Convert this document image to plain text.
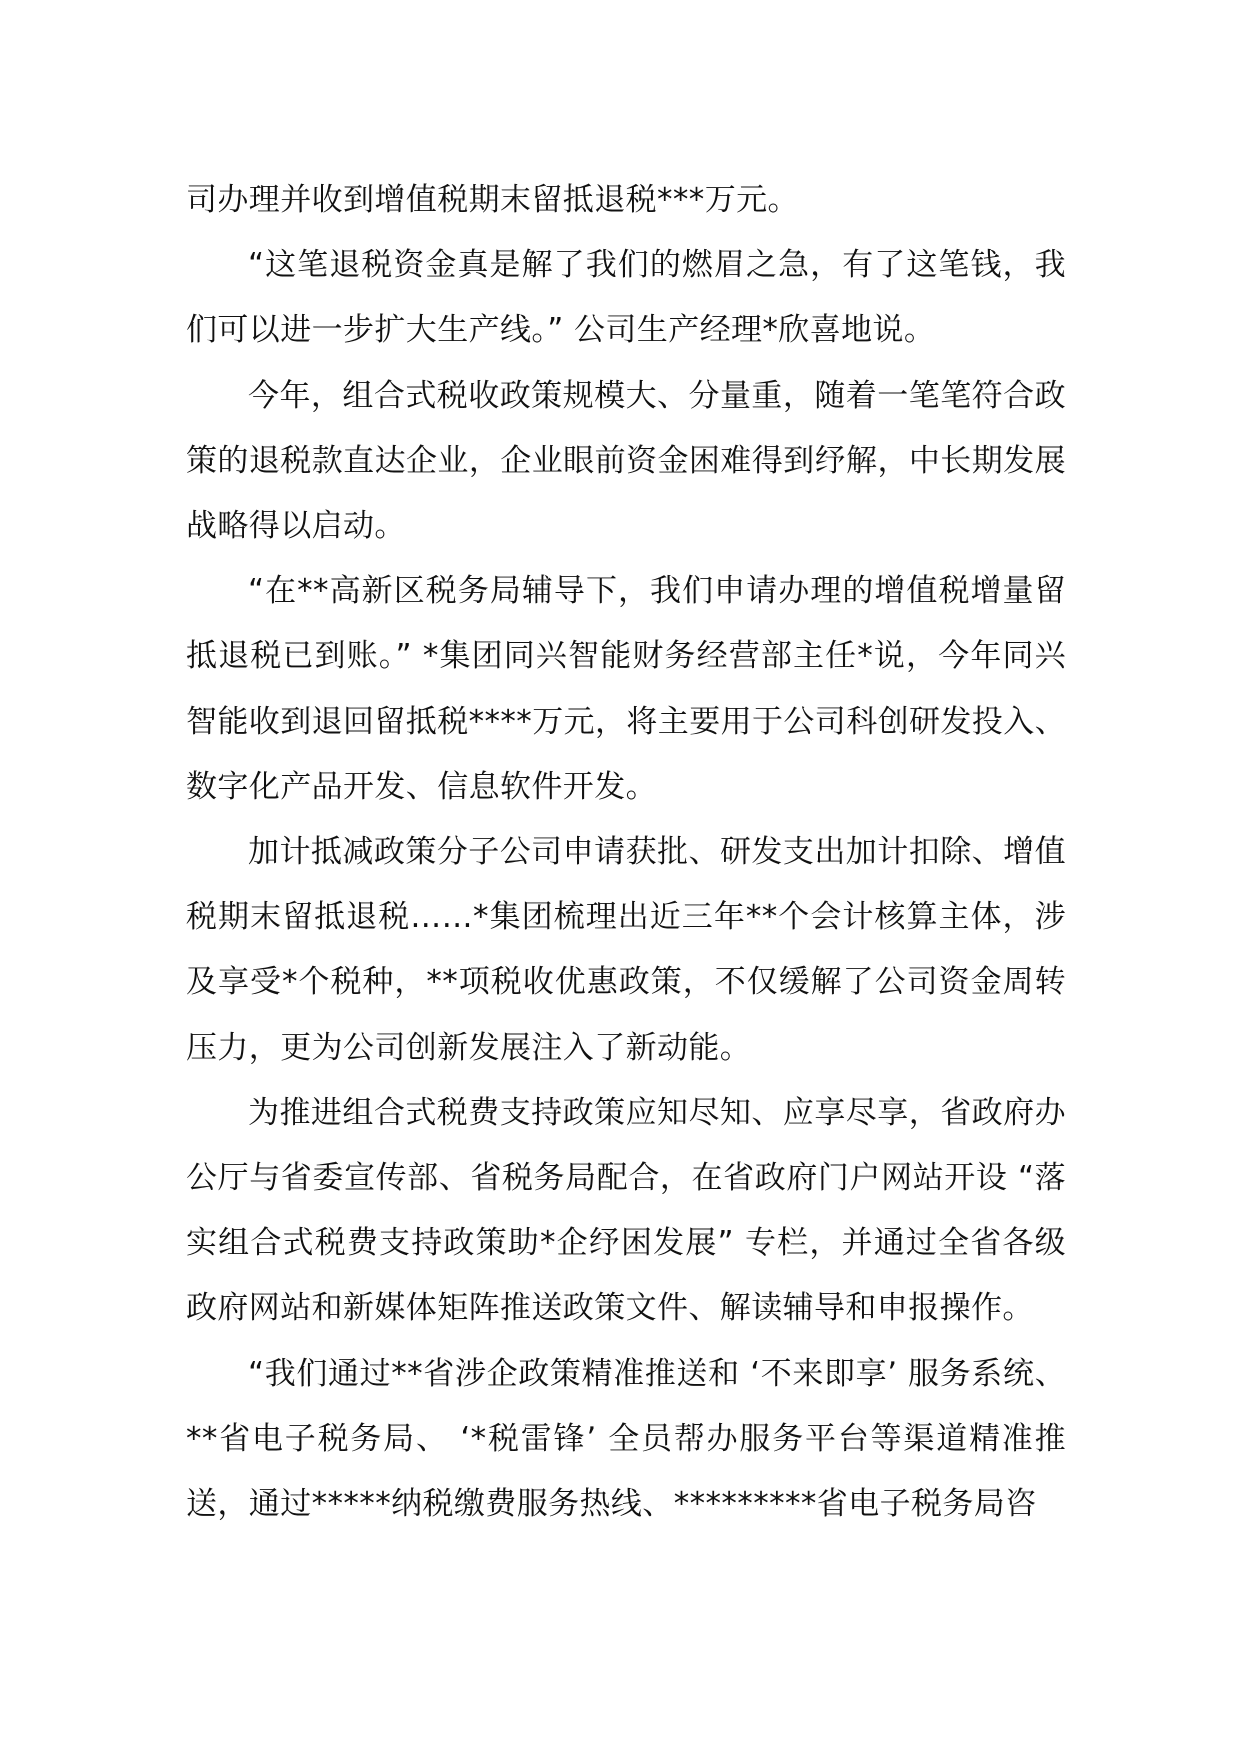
司办理并收到增值税期末留抵退税***万元。

“这笔退税资金真是解了我们的燃眉之急，有了这笔钱，我们可以进一步扩大生产线。” 公司生产经理*欣喜地说。

今年，组合式税收政策规模大、分量重，随着一笔笔符合政策的退税款直达企业，企业眼前资金困难得到纾解，中长期发展战略得以启动。

“在**高新区税务局辅导下，我们申请办理的增值税增量留抵退税已到账。” *集团同兴智能财务经营部主任*说，今年同兴智能收到退回留抵税****万元，将主要用于公司科创研发投入、数字化产品开发、信息软件开发。

加计抵减政策分子公司申请获批、研发支出加计扣除、增值税期末留抵退税……*集团梳理出近三年**个会计核算主体，涉及享受*个税种，**项税收优惠政策，不仅缓解了公司资金周转压力，更为公司创新发展注入了新动能。

为推进组合式税费支持政策应知尽知、应享尽享，省政府办公厅与省委宣传部、省税务局配合，在省政府门户网站开设 “落实组合式税费支持政策助*企纾困发展” 专栏，并通过全省各级政府网站和新媒体矩阵推送政策文件、解读辅导和申报操作。

“我们通过**省涉企政策精准推送和 ‘不来即享’ 服务系统、**省电子税务局、 ‘*税雷锋’ 全员帮办服务平台等渠道精准推送，通过*****纳税缴费服务热线、*********省电子税务局咨
